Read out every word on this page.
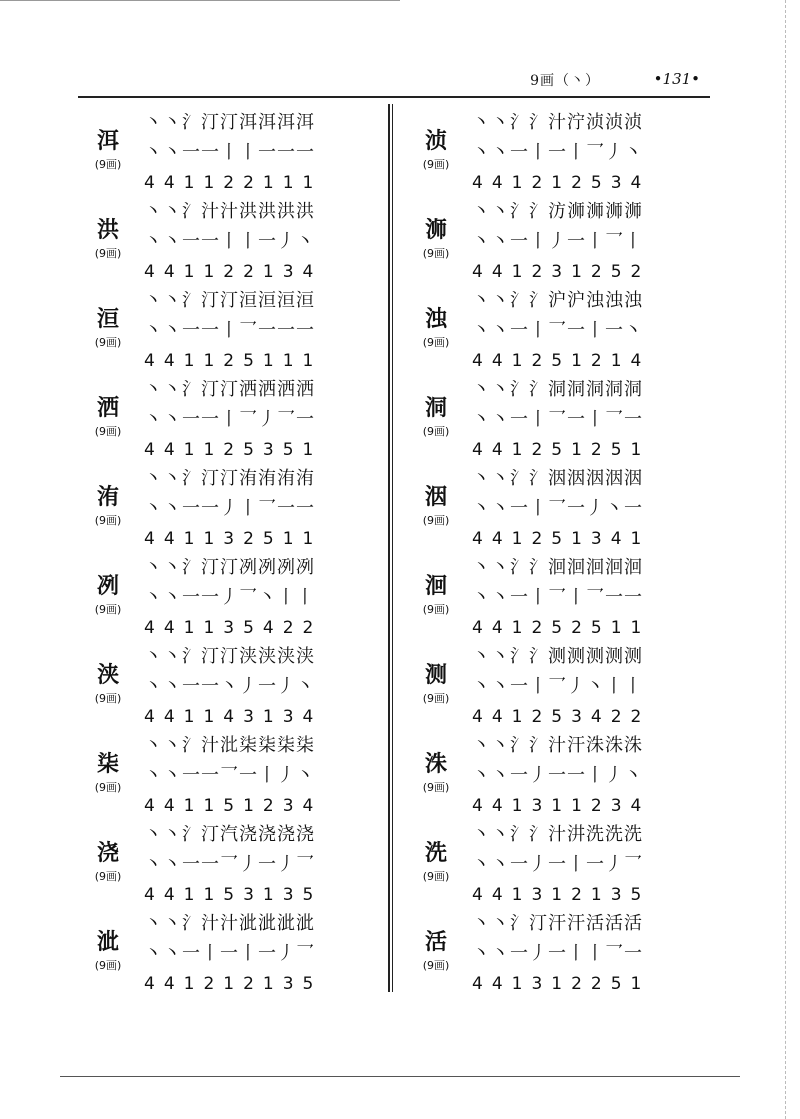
9画（丶）	•131•
洱
(9画)
丶丶氵汀汀洱洱洱洱
丶丶一一丨丨一一一
441122111
洪
(9画)
丶丶氵汁汁洪洪洪洪
丶丶一一丨丨一丿丶
441122134
洹
(9画)
丶丶氵汀汀洹洹洹洹
丶丶一一丨乛一一一
441125111
洒
(9画)
丶丶氵汀汀洒洒洒洒
丶丶一一丨乛丿乛一
441125351
洧
(9画)
丶丶氵汀汀洧洧洧洧
丶丶一一丿丨乛一一
441132511
冽
(9画)
丶丶氵汀汀冽冽冽冽
丶丶一一丿乛丶丨丨
441135422
浃
(9画)
丶丶氵汀汀浃浃浃浃
丶丶一一丶丿一丿丶
441143134
柒
(9画)
丶丶氵汁沘柒柒柒柒
丶丶一一乛一丨丿丶
441151234
浇
(9画)
丶丶氵汀汽浇浇浇浇
丶丶一一乛丿一丿乛
441153135
泚
(9画)
丶丶氵汁汁泚泚泚泚
丶丶一丨一丨一丿乛
441212135
浈
(9画)
丶丶氵氵汁泞浈浈浈
丶丶一丨一丨乛丿丶
441212534
浉
(9画)
丶丶氵氵汸浉浉浉浉
丶丶一丨丿一丨乛丨
441231252
浊
(9画)
丶丶氵氵沪沪浊浊浊
丶丶一丨乛一丨一丶
441251214
洞
(9画)
丶丶氵氵洞洞洞洞洞
丶丶一丨乛一丨乛一
441251251
洇
(9画)
丶丶氵氵洇洇洇洇洇
丶丶一丨乛一丿丶一
441251341
洄
(9画)
丶丶氵氵洄洄洄洄洄
丶丶一丨乛丨乛一一
441252511
测
(9画)
丶丶氵氵测测测测测
丶丶一丨乛丿丶丨丨
441253422
洙
(9画)
丶丶氵氵汁汗洙洙洙
丶丶一丿一一丨丿丶
441311234
洗
(9画)
丶丶氵氵汁汫洗洗洗
丶丶一丿一丨一丿乛
441312135
活
(9画)
丶丶氵汀汗汗活活活
丶丶一丿一丨丨乛一
441312251
